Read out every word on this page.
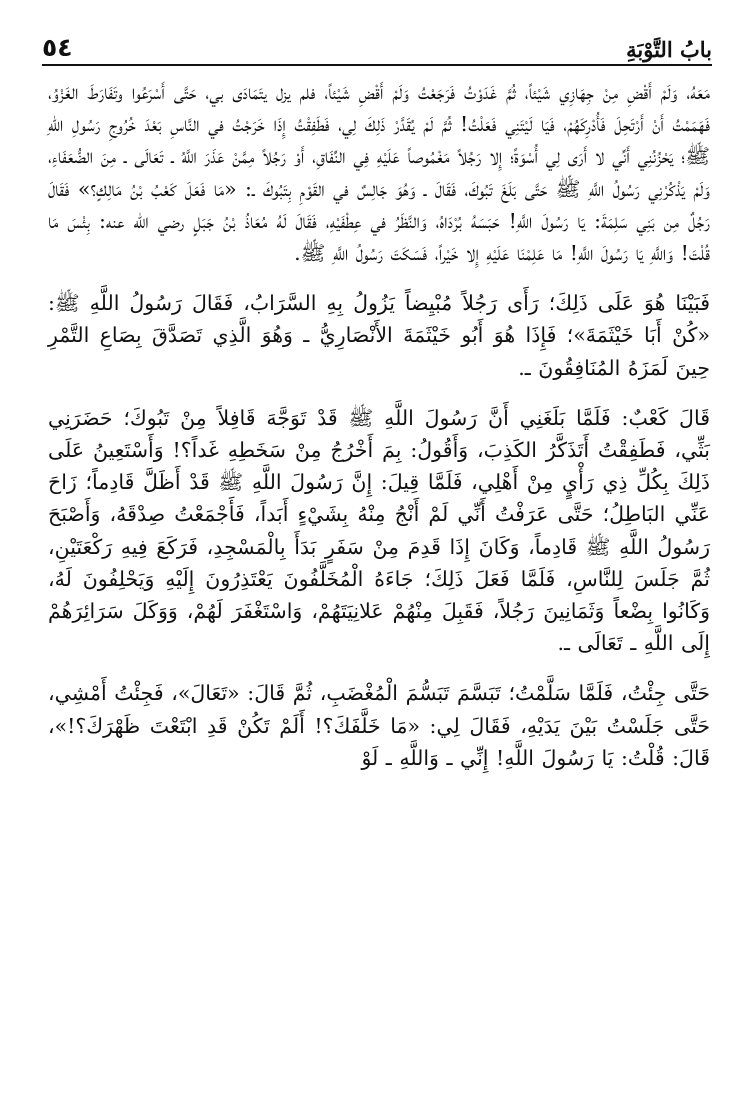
بابُ التَّوْبَةِ
٥٤

مَعَهُ، وَلَمْ أَقْضِ مِنْ جِهَازِي شَيْئاً، ثُمَّ غَدَوْتُ فَرَجَعْتُ وَلَمْ أَقْضِ شَيْئاً، فلم يزل يتَمَادَى بي، حَتَّى أَسْرَعُوا وتَفَارَطَ الغَزْوُ، فَهَمَمْتُ أَنْ أَرْتَحِلَ فَأُدْرِكَهُمْ، فَيَا لَيْتَنِي فَعَلْتُ! ثُمَّ لَمْ يُقَدَّرْ ذَلِكَ لِي، فَطَفِقْتُ إِذَا خَرَجْتُ في النَّاسِ بَعْدَ خُرُوجِ رَسُولِ اللهِ ﷺ؛ يَحْزُنُنِي أَنِّي لا أَرَى لِي أُسْوَةً؛ إِلا رَجُلاً مَغْمُوصاً عَلَيْهِ فِي النِّفَاقِ، أَوْ رَجُلاً مِمَّنْ عَذَرَ اللَّهُ ـ تَعَالَى ـ مِنَ الضُّعَفَاءِ، وَلَمْ يَذْكُرْنِي رَسُولُ اللَّهِ ﷺ حَتَّى بَلَغَ تَبُوكَ، فَقَالَ ـ وَهُوَ جَالِسٌ في القَوْمِ بِتَبُوكَ ـ: «مَا فَعَلَ كَعْبُ بْنُ مَالِكٍ؟» فَقَالَ رَجُلٌ مِن بَنِي سَلِمَةَ: يَا رَسُولَ اللَّهِ! حَبَسَهُ بُرْدَاهُ، وَالنَّظَرُ في عِطْفَيْهِ، فَقَالَ لَهُ مُعَاذُ بْنُ جَبَلٍ رضي الله عنه: بِئْسَ مَا قُلْتَ! وَاللَّهِ يَا رَسُولَ اللَّهِ! مَا عَلِمْنَا عَلَيْهِ إِلا خَيْراً، فَسَكَتَ رَسُولُ اللَّهِ ﷺ.

فَبَيْنَا هُوَ عَلَى ذَلِكَ؛ رَأَى رَجُلاً مُبْيِضاً يَزُولُ بِهِ السَّرَابُ، فَقَالَ رَسُولُ اللَّهِ ﷺ: «كُنْ أَبَا خَيْثَمَةَ»؛ فَإِذَا هُوَ أَبُو خَيْثَمَةَ الأَنْصَارِيُّ ـ وَهُوَ الَّذِي تَصَدَّقَ بِصَاعِ التَّمْرِ حِينَ لَمَزَهُ المُنَافِقُونَ ـ.

قَالَ كَعْبٌ: فَلَمَّا بَلَغَنِي أَنَّ رَسُولَ اللَّهِ ﷺ قَدْ تَوَجَّهَ قَافِلاً مِنْ تَبُوكَ؛ حَضَرَنِي بَثِّي، فَطَفِقْتُ أَتَذَكَّرُ الكَذِبَ، وَأَقُولُ: بِمَ أَخْرُجُ مِنْ سَخَطِهِ غَداً؟! وَأَسْتَعِينُ عَلَى ذَلِكَ بِكُلِّ ذِي رَأْيٍ مِنْ أَهْلِي، فَلَمَّا قِيلَ: إِنَّ رَسُولَ اللَّهِ ﷺ قَدْ أَظَلَّ قَادِماً؛ زَاحَ عَنِّي البَاطِلُ؛ حَتَّى عَرَفْتُ أَنِّي لَمْ أَنْجُ مِنْهُ بِشَيْءٍ أَبَداً، فَأَجْمَعْتُ صِدْقَهُ، وَأَصْبَحَ رَسُولُ اللَّهِ ﷺ قَادِماً، وَكَانَ إِذَا قَدِمَ مِنْ سَفَرٍ بَدَأَ بِالْمَسْجِدِ، فَرَكَعَ فِيهِ رَكْعَتَيْنِ، ثُمَّ جَلَسَ لِلنَّاسِ، فَلَمَّا فَعَلَ ذَلِكَ؛ جَاءَهُ الْمُخَلَّفُونَ يَعْتَذِرُونَ إِلَيْهِ وَيَحْلِفُونَ لَهُ، وَكَانُوا بِضْعاً وَثَمَانِينَ رَجُلاً، فَقَبِلَ مِنْهُمْ عَلانِيَتَهُمْ، وَاسْتَغْفَرَ لَهُمْ، وَوَكَلَ سَرَائِرَهُمْ إِلَى اللَّهِ ـ تَعَالَى ـ.

حَتَّى جِئْتُ، فَلَمَّا سَلَّمْتُ؛ تَبَسَّمَ تَبَسُّمَ الْمُغْضَبِ، ثُمَّ قَالَ: «تَعَالَ»، فَجِئْتُ أَمْشِي، حَتَّى جَلَسْتُ بَيْنَ يَدَيْهِ، فَقَالَ لِي: «مَا خَلَّفَكَ؟! أَلَمْ تَكُنْ قَدِ ابْتَعْتَ ظَهْرَكَ؟!»، قَالَ: قُلْتُ: يَا رَسُولَ اللَّهِ! إِنِّي ـ وَاللَّهِ ـ لَوْ
